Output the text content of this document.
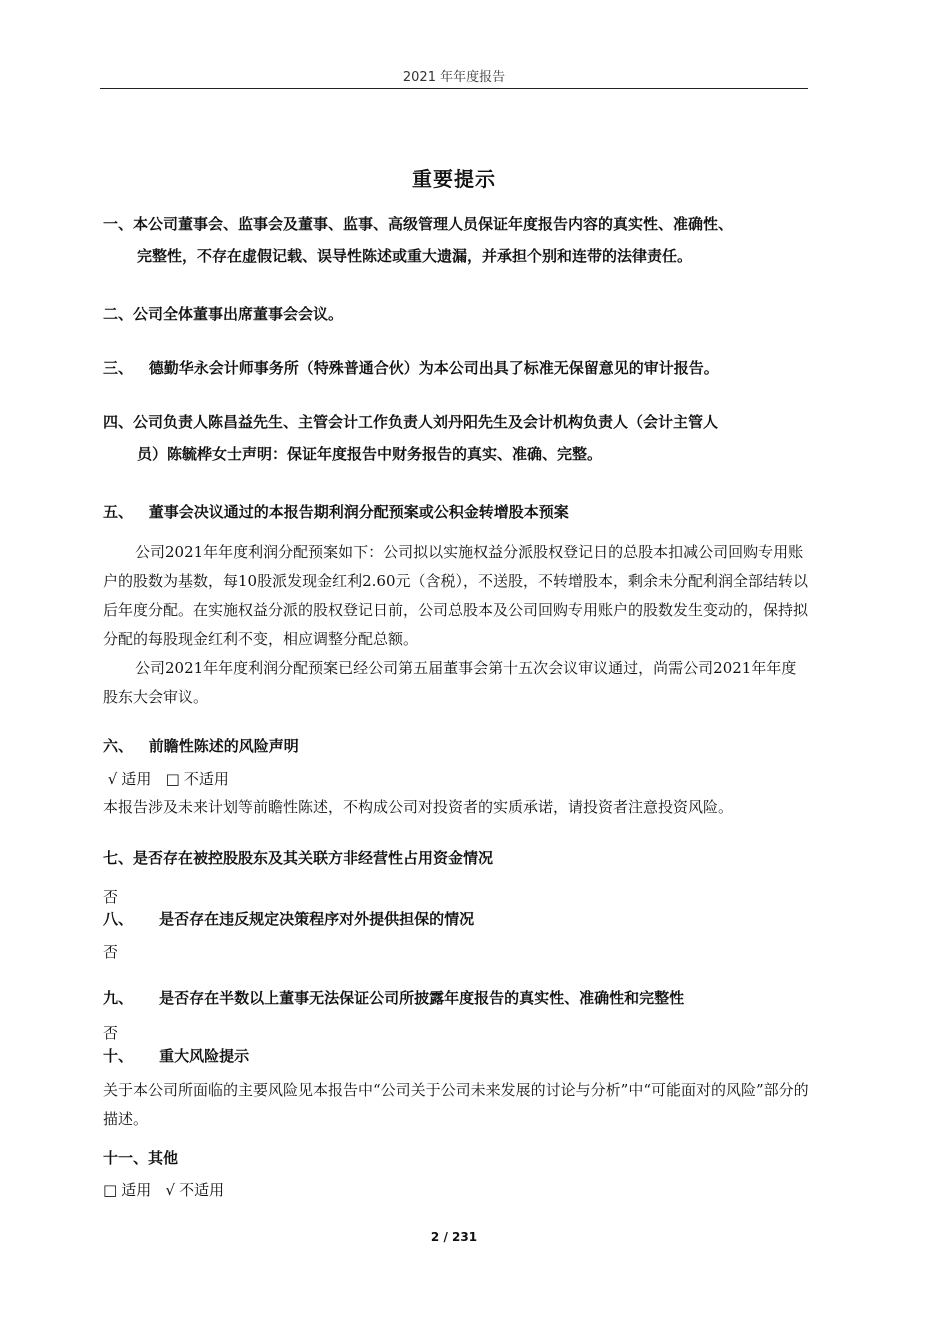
2021 年年度报告
重要提示
一、本公司董事会、监事会及董事、监事、高级管理人员保证年度报告内容的真实性、准确性、
完整性，不存在虚假记载、误导性陈述或重大遗漏，并承担个别和连带的法律责任。
二、公司全体董事出席董事会会议。
三、 德勤华永会计师事务所（特殊普通合伙）为本公司出具了标准无保留意见的审计报告。
四、公司负责人陈昌益先生、主管会计工作负责人刘丹阳先生及会计机构负责人（会计主管人
员）陈毓桦女士声明：保证年度报告中财务报告的真实、准确、完整。
五、 董事会决议通过的本报告期利润分配预案或公积金转增股本预案
公司2021年年度利润分配预案如下：公司拟以实施权益分派股权登记日的总股本扣减公司回购专用账户的股数为基数，每10股派发现金红利2.60元（含税），不送股，不转增股本，剩余未分配利润全部结转以后年度分配。在实施权益分派的股权登记日前，公司总股本及公司回购专用账户的股数发生变动的，保持拟分配的每股现金红利不变，相应调整分配总额。
公司2021年年度利润分配预案已经公司第五届董事会第十五次会议审议通过，尚需公司2021年年度股东大会审议。
六、 前瞻性陈述的风险声明
√ 适用 □ 不适用
本报告涉及未来计划等前瞻性陈述，不构成公司对投资者的实质承诺，请投资者注意投资风险。
七、是否存在被控股股东及其关联方非经营性占用资金情况
否
八、 是否存在违反规定决策程序对外提供担保的情况
否
九、 是否存在半数以上董事无法保证公司所披露年度报告的真实性、准确性和完整性
否
十、 重大风险提示
关于本公司所面临的主要风险见本报告中“公司关于公司未来发展的讨论与分析”中“可能面对的风险”部分的描述。
十一、其他
□ 适用 √ 不适用
2 / 231
